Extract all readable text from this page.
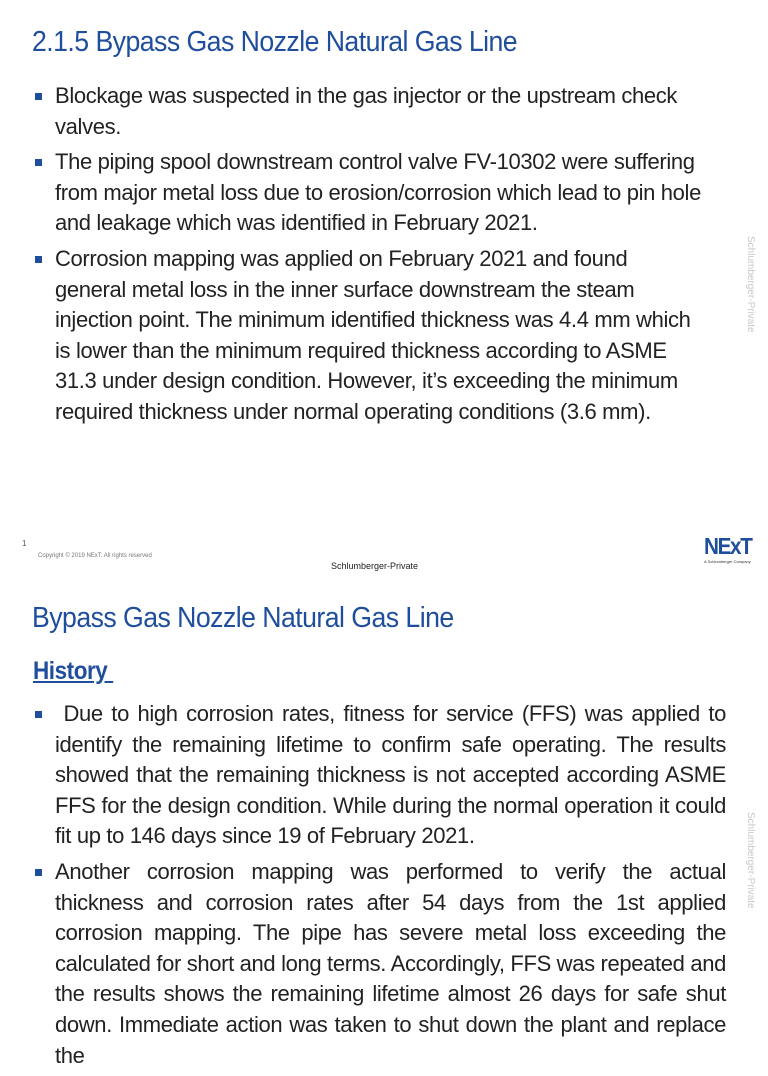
2.1.5 Bypass Gas Nozzle Natural Gas Line
Blockage was suspected in the gas injector or the upstream check valves.
The piping spool downstream control valve FV-10302 were suffering from major metal loss due to erosion/corrosion which lead to pin hole and leakage which was identified in February 2021.
Corrosion mapping was applied on February 2021 and found general metal loss in the inner surface downstream the steam injection point. The minimum identified thickness was 4.4 mm which is lower than the minimum required thickness according to ASME 31.3 under design condition. However, it’s exceeding the minimum required thickness under normal operating conditions (3.6 mm).
Schlumberger-Private
1
Copyright © 2019 NExT. All rights reserved
Schlumberger-Private
NExT
A Schlumberger Company
Bypass Gas Nozzle Natural Gas Line
History
Due to high corrosion rates, fitness for service (FFS) was applied to identify the remaining lifetime to confirm safe operating. The results showed that the remaining thickness is not accepted according ASME FFS for the design condition. While during the normal operation it could fit up to 146 days since 19 of February 2021.
Another corrosion mapping was performed to verify the actual thickness and corrosion rates after 54 days from the 1st applied corrosion mapping. The pipe has severe metal loss exceeding the calculated for short and long terms. Accordingly, FFS was repeated and the results shows the remaining lifetime almost 26 days for safe shut down. Immediate action was taken to shut down the plant and replace the
Schlumberger-Private
